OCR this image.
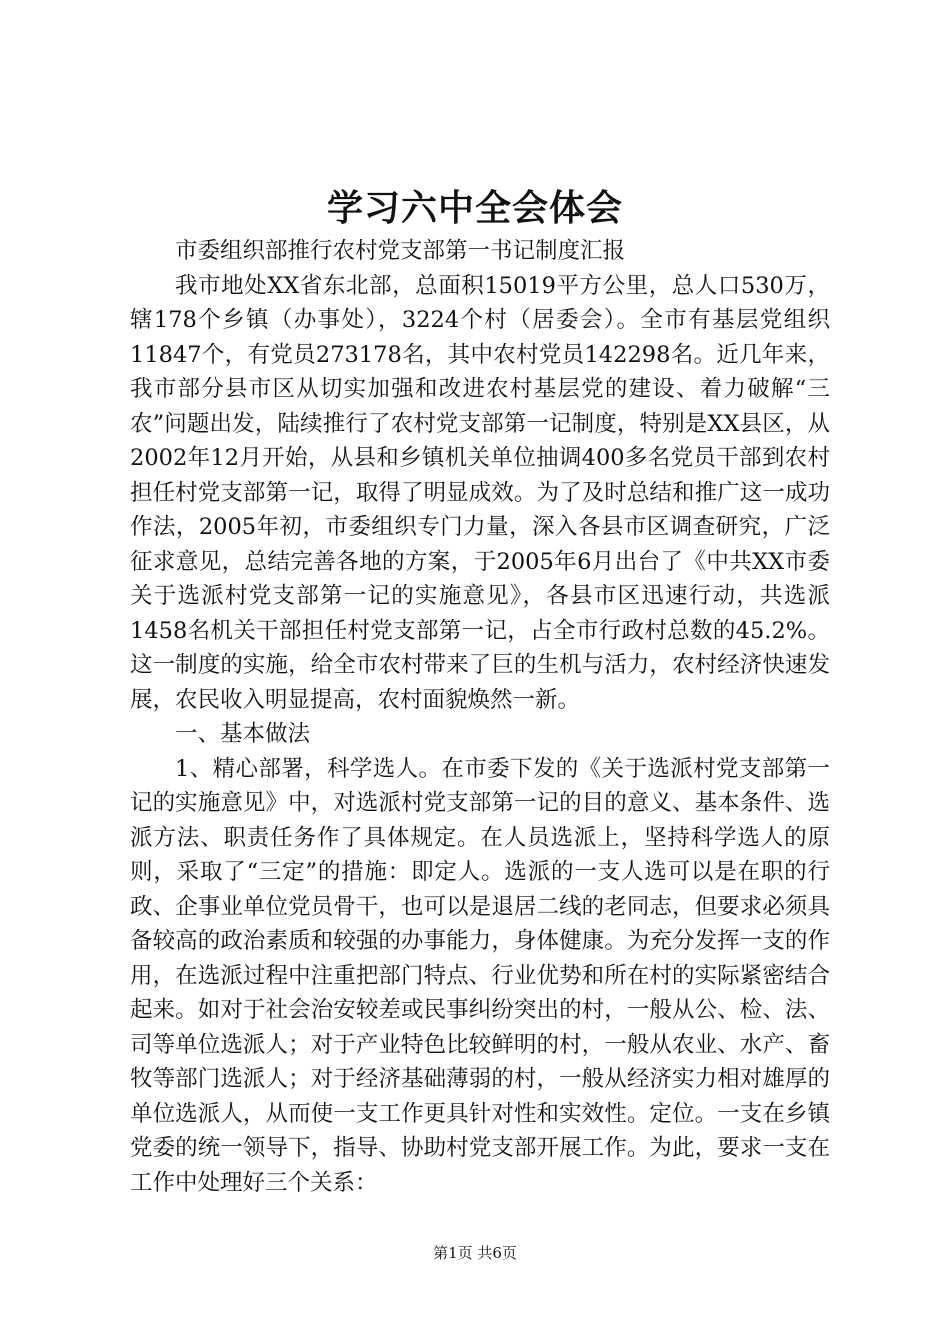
学习六中全会体会

市委组织部推行农村党支部第一书记制度汇报

我市地处XX省东北部，总面积15019平方公里，总人口530万，辖178个乡镇（办事处），3224个村（居委会）。全市有基层党组织11847个，有党员273178名，其中农村党员142298名。近几年来，我市部分县市区从切实加强和改进农村基层党的建设、着力破解“三农”问题出发，陆续推行了农村党支部第一记制度，特别是XX县区，从2002年12月开始，从县和乡镇机关单位抽调400多名党员干部到农村担任村党支部第一记，取得了明显成效。为了及时总结和推广这一成功作法，2005年初，市委组织专门力量，深入各县市区调查研究，广泛征求意见，总结完善各地的方案，于2005年6月出台了《中共XX市委关于选派村党支部第一记的实施意见》，各县市区迅速行动，共选派1458名机关干部担任村党支部第一记，占全市行政村总数的45.2%。这一制度的实施，给全市农村带来了巨的生机与活力，农村经济快速发展，农民收入明显提高，农村面貌焕然一新。

一、基本做法

1、精心部署，科学选人。在市委下发的《关于选派村党支部第一记的实施意见》中，对选派村党支部第一记的目的意义、基本条件、选派方法、职责任务作了具体规定。在人员选派上，坚持科学选人的原则，采取了“三定”的措施：即定人。选派的一支人选可以是在职的行政、企事业单位党员骨干，也可以是退居二线的老同志，但要求必须具备较高的政治素质和较强的办事能力，身体健康。为充分发挥一支的作用，在选派过程中注重把部门特点、行业优势和所在村的实际紧密结合起来。如对于社会治安较差或民事纠纷突出的村，一般从公、检、法、司等单位选派人；对于产业特色比较鲜明的村，一般从农业、水产、畜牧等部门选派人；对于经济基础薄弱的村，一般从经济实力相对雄厚的单位选派人，从而使一支工作更具针对性和实效性。定位。一支在乡镇党委的统一领导下，指导、协助村党支部开展工作。为此，要求一支在工作中处理好三个关系：

第1页 共6页
